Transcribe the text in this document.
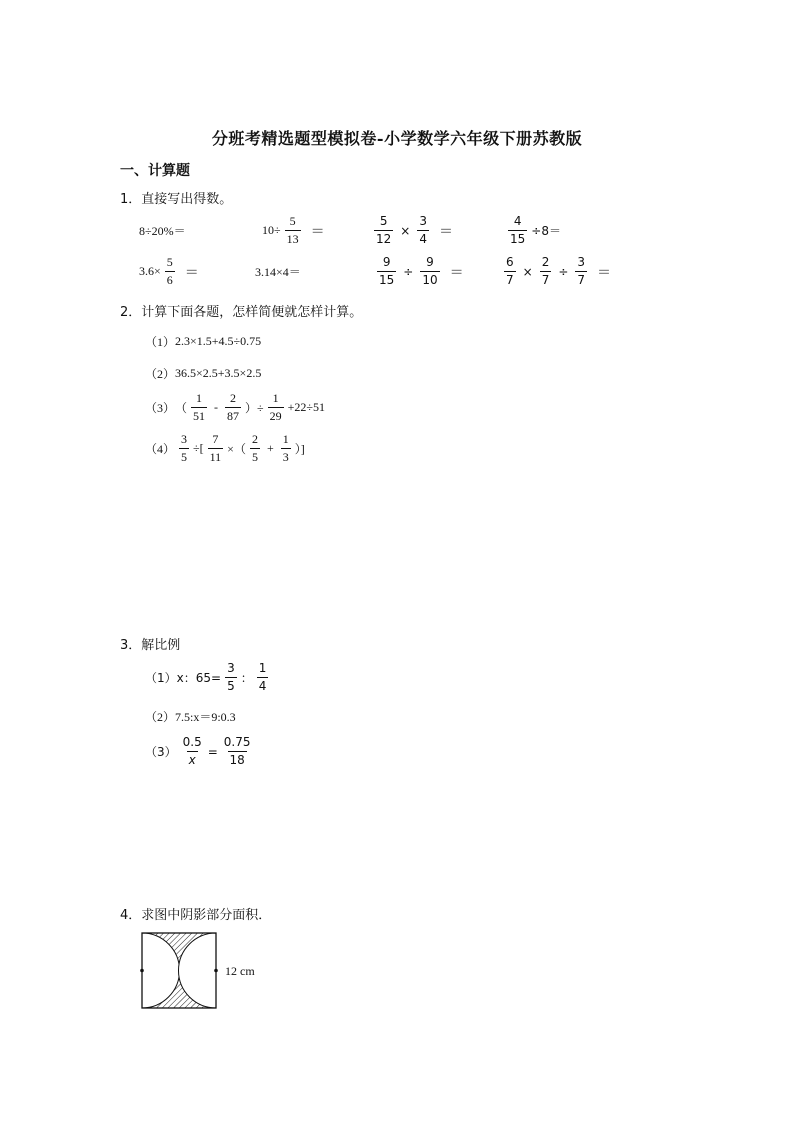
分班考精选题型模拟卷-小学数学六年级下册苏教版
一、计算题
1．直接写出得数。
8÷20%＝	$10\div \frac{5}{13}$ ＝	$\frac{5}{12} \times \frac{3}{4}$ ＝	$\frac{4}{15} \div 8=$
$3.6\times \frac{5}{6}$ ＝	3.14×4＝	$\frac{9}{15} \div \frac{9}{10}$ ＝	$\frac{6}{7} \times \frac{2}{7} \div \frac{3}{7}$ ＝
2．计算下面各题，怎样简便就怎样计算。
（1） 2.3×1.5+4.5÷0.75
（2） 36.5×2.5+3.5×2.5
（3） （ $\frac{1}{51} - \frac{2}{87}$ ）÷ $\frac{1}{29} +22\div 51$
$(4) \frac{3}{5}$ ÷[ $\frac{7}{11}$ ×（ $\frac{2}{5} + \frac{1}{3}$ ）]
3．解比例
（1） x：$65= \frac{3}{5}$ ： $\frac{1}{4}$
（2） 7.5:x＝9:0.3
$(3) \frac{0.5}{x} = \frac{0.75}{18}$
4．求图中阴影部分面积．
12 cm
